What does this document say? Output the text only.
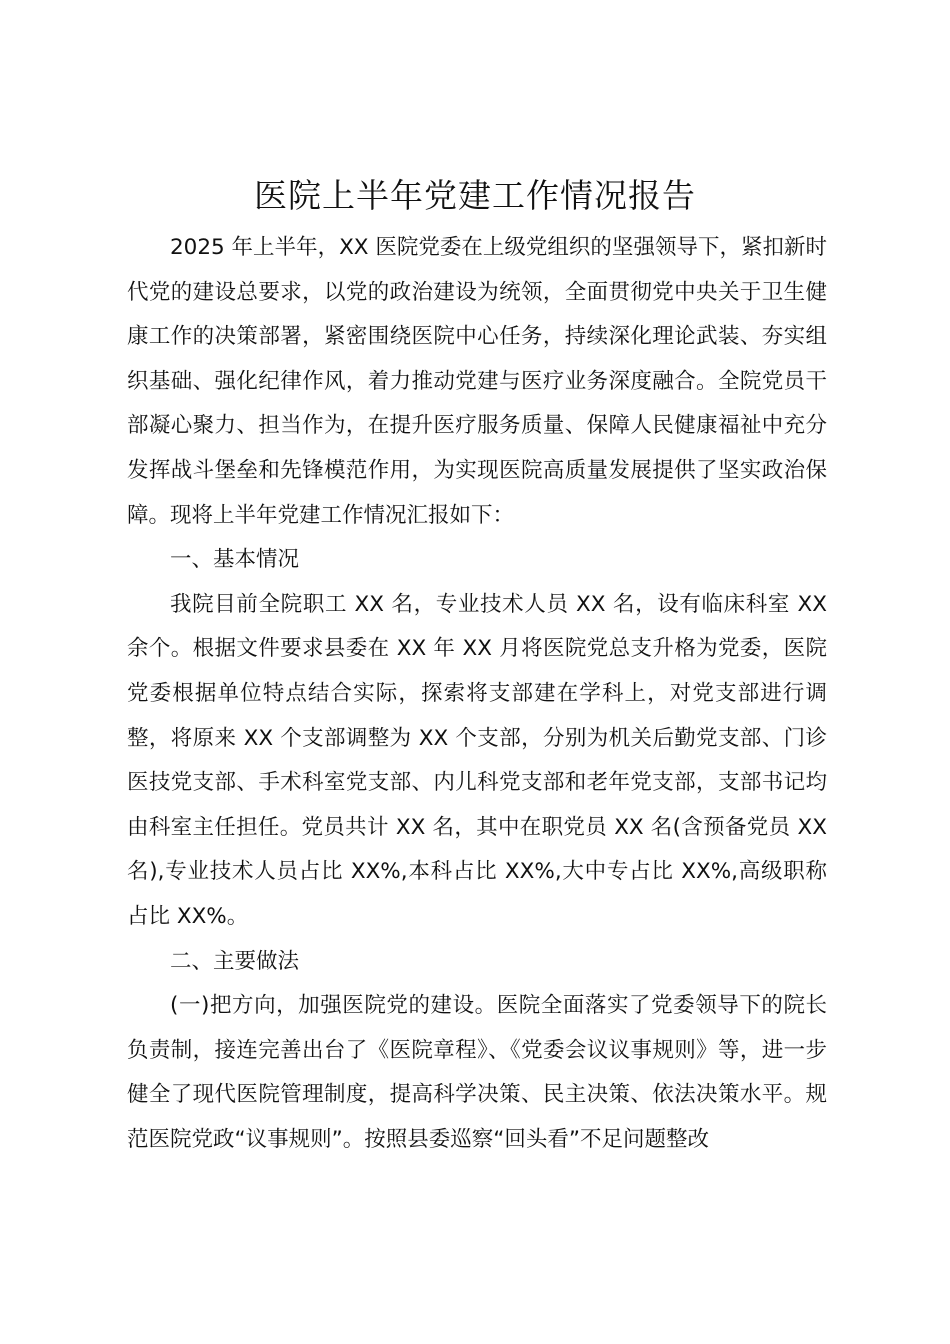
医院上半年党建工作情况报告

2025 年上半年，XX 医院党委在上级党组织的坚强领导下，紧扣新时代党的建设总要求，以党的政治建设为统领，全面贯彻党中央关于卫生健康工作的决策部署，紧密围绕医院中心任务，持续深化理论武装、夯实组织基础、强化纪律作风，着力推动党建与医疗业务深度融合。全院党员干部凝心聚力、担当作为，在提升医疗服务质量、保障人民健康福祉中充分发挥战斗堡垒和先锋模范作用，为实现医院高质量发展提供了坚实政治保障。现将上半年党建工作情况汇报如下：

一、基本情况

我院目前全院职工 XX 名，专业技术人员 XX 名，设有临床科室 XX 余个。根据文件要求县委在 XX 年 XX 月将医院党总支升格为党委，医院党委根据单位特点结合实际，探索将支部建在学科上，对党支部进行调整，将原来 XX 个支部调整为 XX 个支部，分别为机关后勤党支部、门诊医技党支部、手术科室党支部、内儿科党支部和老年党支部，支部书记均由科室主任担任。党员共计 XX 名，其中在职党员 XX 名(含预备党员 XX 名),专业技术人员占比 XX%,本科占比 XX%,大中专占比 XX%,高级职称占比 XX%。

二、主要做法

(一)把方向，加强医院党的建设。医院全面落实了党委领导下的院长负责制，接连完善出台了《医院章程》、《党委会议议事规则》等，进一步健全了现代医院管理制度，提高科学决策、民主决策、依法决策水平。规范医院党政“议事规则”。按照县委巡察“回头看”不足问题整改
